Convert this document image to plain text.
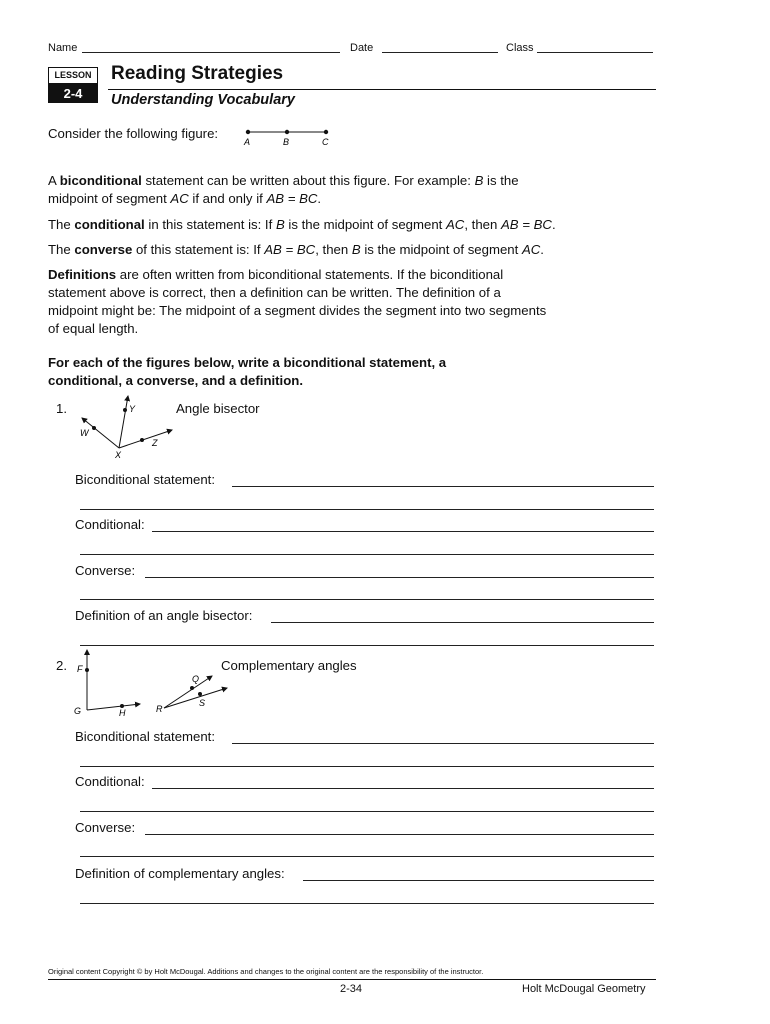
Name	Date	Class
LESSON
2-4
Reading Strategies
Understanding Vocabulary
Consider the following figure:
A	B	C
A biconditional statement can be written about this figure. For example: B is the midpoint of segment AC if and only if AB = BC.
The conditional in this statement is: If B is the midpoint of segment AC, then AB = BC.
The converse of this statement is: If AB = BC, then B is the midpoint of segment AC.
Definitions are often written from biconditional statements. If the biconditional statement above is correct, then a definition can be written. The definition of a midpoint might be: The midpoint of a segment divides the segment into two segments of equal length.
For each of the figures below, write a biconditional statement, a conditional, a converse, and a definition.
1.
W
Y
Z
X
Angle bisector
Biconditional statement:
Conditional:
Converse:
Definition of an angle bisector:
2. F
G	H
Q
R
S
Complementary angles
Biconditional statement:
Conditional:
Converse:
Definition of complementary angles:
Original content Copyright © by Holt McDougal. Additions and changes to the original content are the responsibility of the instructor.
2-34	Holt McDougal Geometry
